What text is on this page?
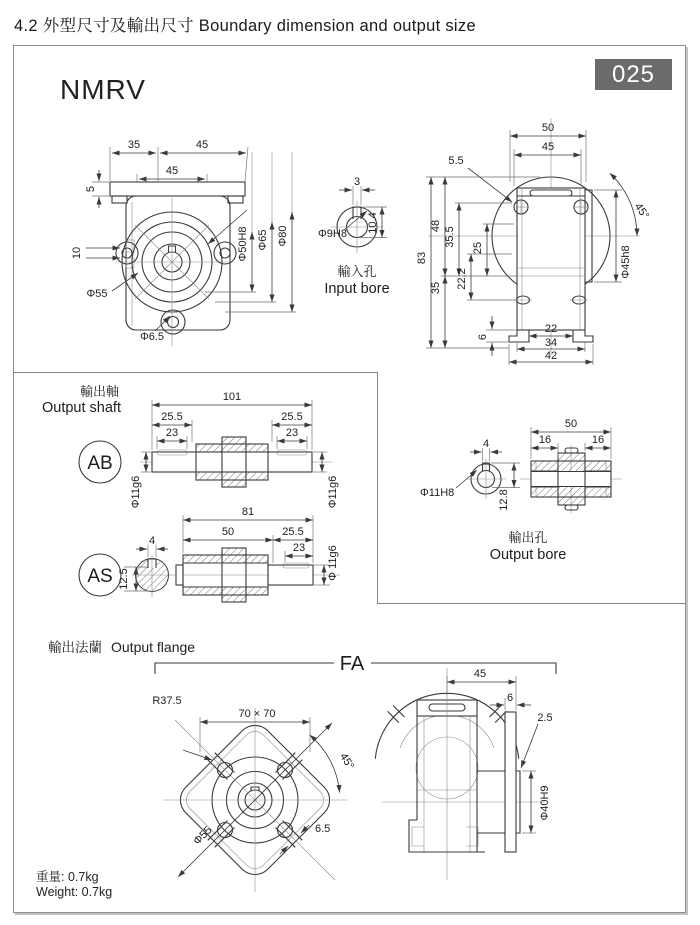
4.2 外型尺寸及輸出尺寸 Boundary dimension and output size
NMRV	025
35	45
45
5
10
Φ55
Φ6.5
Φ50H8 Φ65 Φ80
3
10.4
Φ9H8
輸入孔
Input bore
50
45
5.5
45°
83
48
35.5
25
22.2
35
6
22
34
42
Φ45h8
輸出軸
Output shaft
AB
101
25.5
23
25.5
23
Φ11g6	Φ11g6
AS
4
12.5
81
50	25.5
23 Φ 11g6
4
Φ11H8	12.8
50
16	16
輸出孔
Output bore
輸出法蘭 Output flange
FA
70 × 70
R37.5
45°
Φ55	6.5
45
6
2.5
Φ40H9
重量: 0.7kg
Weight: 0.7kg
